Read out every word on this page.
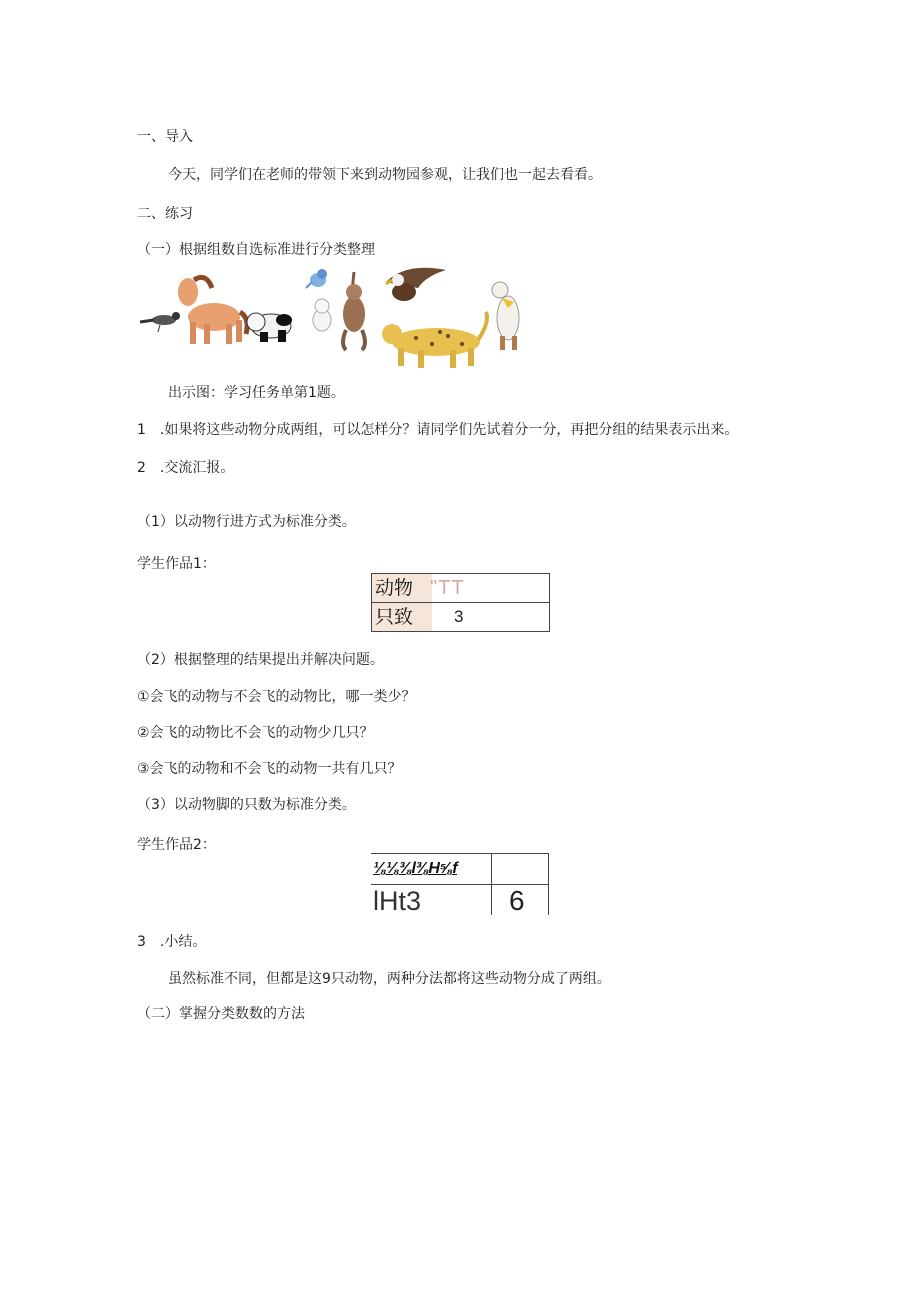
一、导入
今天，同学们在老师的带领下来到动物园参观，让我们也一起去看看。
二、练习
（一）根据组数自选标准进行分类整理
出示图：学习任务单第1题。
1　.如果将这些动物分成两组，可以怎样分？请同学们先试着分一分，再把分组的结果表示出来。
2　.交流汇报。
（1）以动物行进方式为标准分类。
学生作品1：
动物 "TT
只致	3
（2）根据整理的结果提出并解决问题。
①会飞的动物与不会飞的动物比，哪一类少？
②会飞的动物比不会飞的动物少几只？
③会飞的动物和不会飞的动物一共有几只？
（3）以动物脚的只数为标准分类。
学生作品2：
⅛⅛⅜l⅜H⅝f
lHt3	6
3　.小结。
虽然标准不同，但都是这9只动物，两种分法都将这些动物分成了两组。
（二）掌握分类数数的方法
